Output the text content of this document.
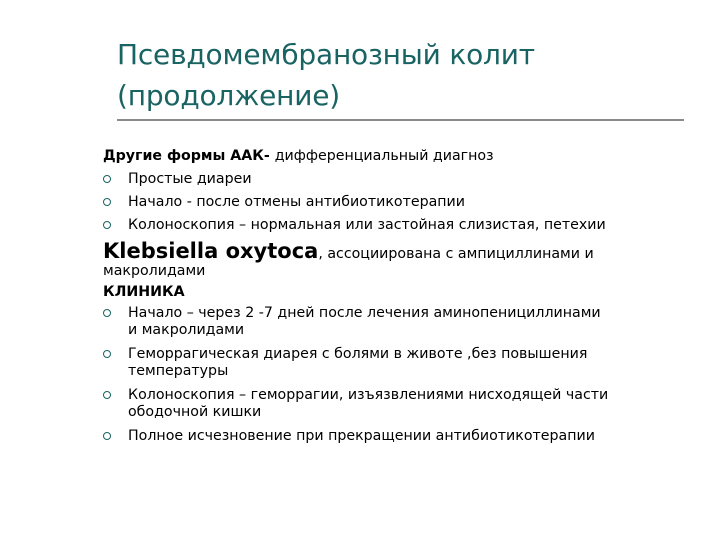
Псевдомембранозный колит
(продолжение)

Другие формы ААК- дифференциальный диагноз

Простые диареи

Начало - после отмены антибиотикотерапии

Колоноскопия – нормальная или застойная слизистая, петехии

Klebsiella oxytoca, ассоциирована с ампициллинами и
макролидами

КЛИНИКА

Начало – через 2 -7 дней после лечения аминопенициллинами
и макролидами

Геморрагическая диарея с болями в животе ,без повышения
температуры

Колоноскопия – геморрагии, изъязвлениями нисходящей части
ободочной кишки

Полное исчезновение при прекращении антибиотикотерапии
